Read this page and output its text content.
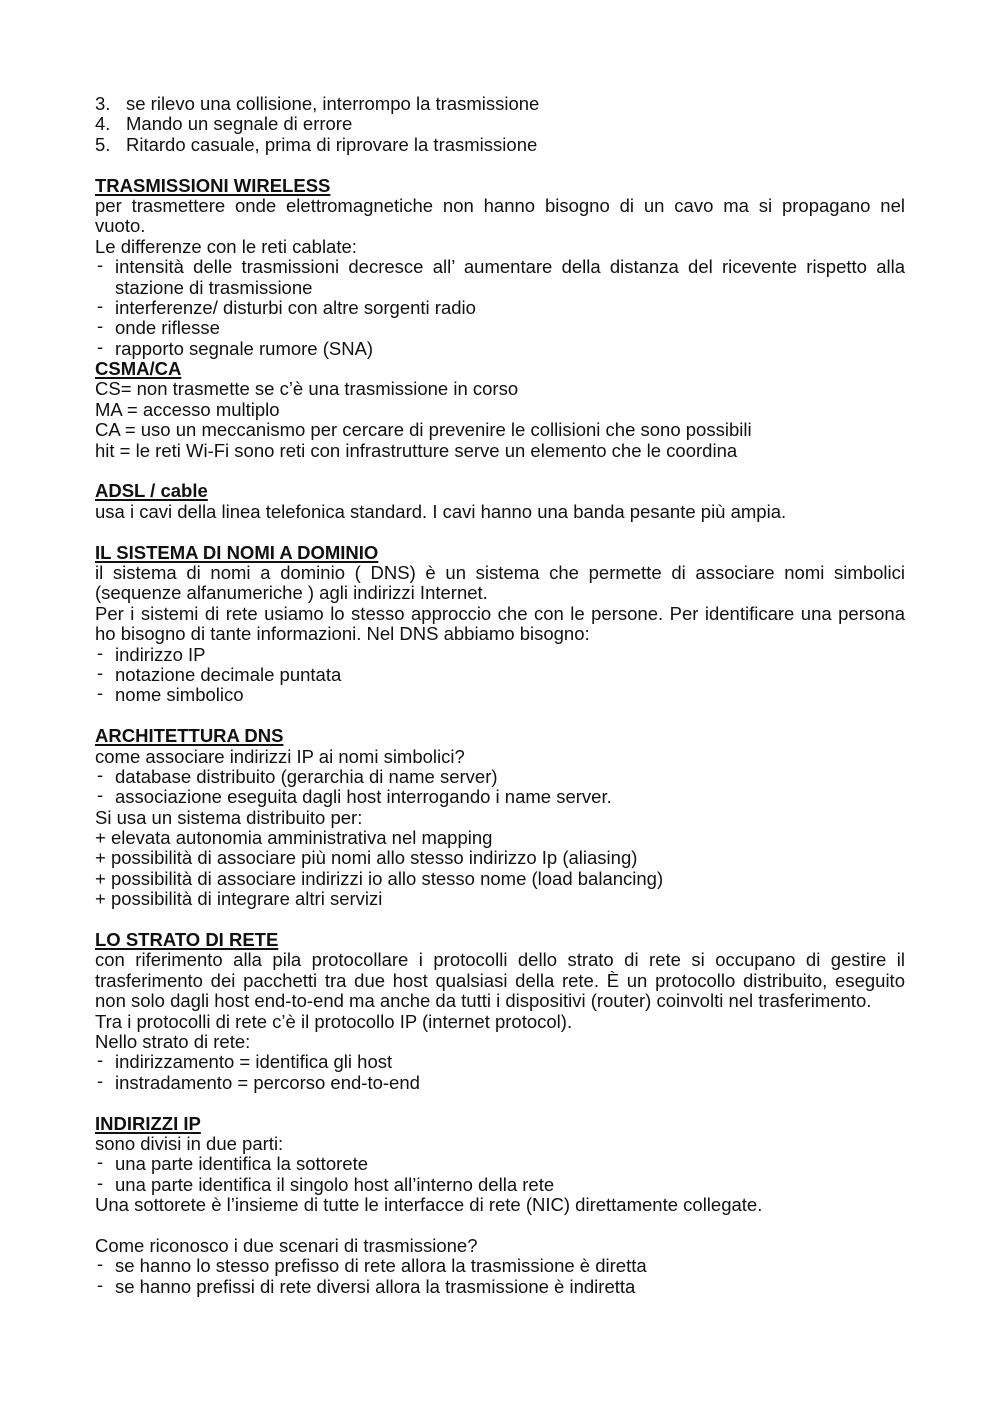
3. se rilevo una collisione, interrompo la trasmissione
4. Mando un segnale di errore
5. Ritardo casuale, prima di riprovare la trasmissione
TRASMISSIONI WIRELESS
per trasmettere onde elettromagnetiche non hanno bisogno di un cavo ma si propagano nel
vuoto.
Le differenze con le reti cablate:
- intensità delle trasmissioni decresce all’ aumentare della distanza del ricevente rispetto alla
stazione di trasmissione
- interferenze/ disturbi con altre sorgenti radio
- onde riflesse
- rapporto segnale rumore (SNA)
CSMA/CA
CS= non trasmette se c’è una trasmissione in corso
MA = accesso multiplo
CA = uso un meccanismo per cercare di prevenire le collisioni che sono possibili
hit = le reti Wi-Fi sono reti con infrastrutture serve un elemento che le coordina
ADSL / cable
usa i cavi della linea telefonica standard. I cavi hanno una banda pesante più ampia.
IL SISTEMA DI NOMI A DOMINIO
il sistema di nomi a dominio ( DNS) è un sistema che permette di associare nomi simbolici
(sequenze alfanumeriche ) agli indirizzi Internet.
Per i sistemi di rete usiamo lo stesso approccio che con le persone. Per identificare una persona
ho bisogno di tante informazioni. Nel DNS abbiamo bisogno:
- indirizzo IP
- notazione decimale puntata
- nome simbolico
ARCHITETTURA DNS
come associare indirizzi IP ai nomi simbolici?
- database distribuito (gerarchia di name server)
- associazione eseguita dagli host interrogando i name server.
Si usa un sistema distribuito per:
+ elevata autonomia amministrativa nel mapping
+ possibilità di associare più nomi allo stesso indirizzo Ip (aliasing)
+ possibilità di associare indirizzi io allo stesso nome (load balancing)
+ possibilità di integrare altri servizi
LO STRATO DI RETE
con riferimento alla pila protocollare i protocolli dello strato di rete si occupano di gestire il
trasferimento dei pacchetti tra due host qualsiasi della rete. È un protocollo distribuito, eseguito
non solo dagli host end-to-end ma anche da tutti i dispositivi (router) coinvolti nel trasferimento.
Tra i protocolli di rete c’è il protocollo IP (internet protocol).
Nello strato di rete:
- indirizzamento = identifica gli host
- instradamento = percorso end-to-end
INDIRIZZI IP
sono divisi in due parti:
- una parte identifica la sottorete
- una parte identifica il singolo host all’interno della rete
Una sottorete è l’insieme di tutte le interfacce di rete (NIC) direttamente collegate.
Come riconosco i due scenari di trasmissione?
- se hanno lo stesso prefisso di rete allora la trasmissione è diretta
- se hanno prefissi di rete diversi allora la trasmissione è indiretta
